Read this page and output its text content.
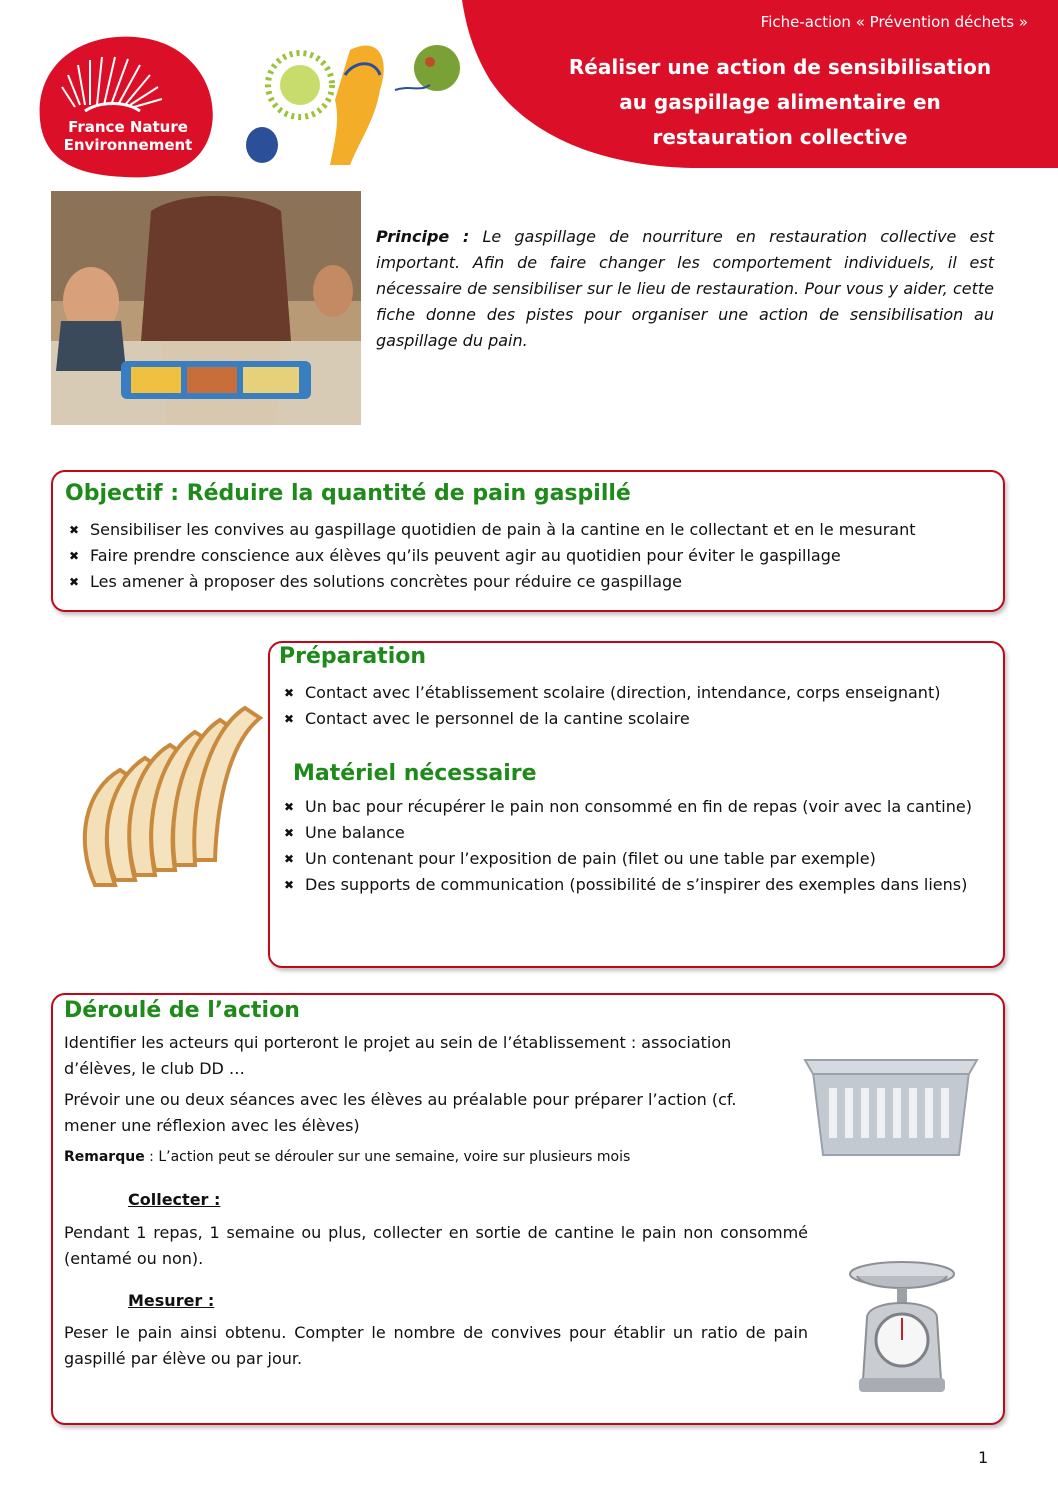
Fiche-action « Prévention déchets »
Réaliser une action de sensibilisation au gaspillage alimentaire en restauration collective
France Nature
Environnement
Principe : Le gaspillage de nourriture en restauration collective est important. Afin de faire changer les comportement individuels, il est nécessaire de sensibiliser sur le lieu de restauration. Pour vous y aider, cette fiche donne des pistes pour organiser une action de sensibilisation au gaspillage du pain.
Objectif : Réduire la quantité de pain gaspillé
✖ Sensibiliser les convives au gaspillage quotidien de pain à la cantine en le collectant et en le mesurant
✖ Faire prendre conscience aux élèves qu’ils peuvent agir au quotidien pour éviter le gaspillage
✖ Les amener à proposer des solutions concrètes pour réduire ce gaspillage
Préparation
✖ Contact avec l’établissement scolaire (direction, intendance, corps enseignant)
✖ Contact avec le personnel de la cantine scolaire
Matériel nécessaire
✖ Un bac pour récupérer le pain non consommé en fin de repas (voir avec la cantine)
✖ Une balance
✖ Un contenant pour l’exposition de pain (filet ou une table par exemple)
✖ Des supports de communication (possibilité de s’inspirer des exemples dans liens)
Déroulé de l’action
Identifier les acteurs qui porteront le projet au sein de l’établissement : association d’élèves, le club DD …
Prévoir une ou deux séances avec les élèves au préalable pour préparer l’action (cf. mener une réflexion avec les élèves)
Remarque : L’action peut se dérouler sur une semaine, voire sur plusieurs mois
Collecter :
Pendant 1 repas, 1 semaine ou plus, collecter en sortie de cantine le pain non consommé (entamé ou non).
Mesurer :
Peser le pain ainsi obtenu. Compter le nombre de convives pour établir un ratio de pain gaspillé par élève ou par jour.
1
